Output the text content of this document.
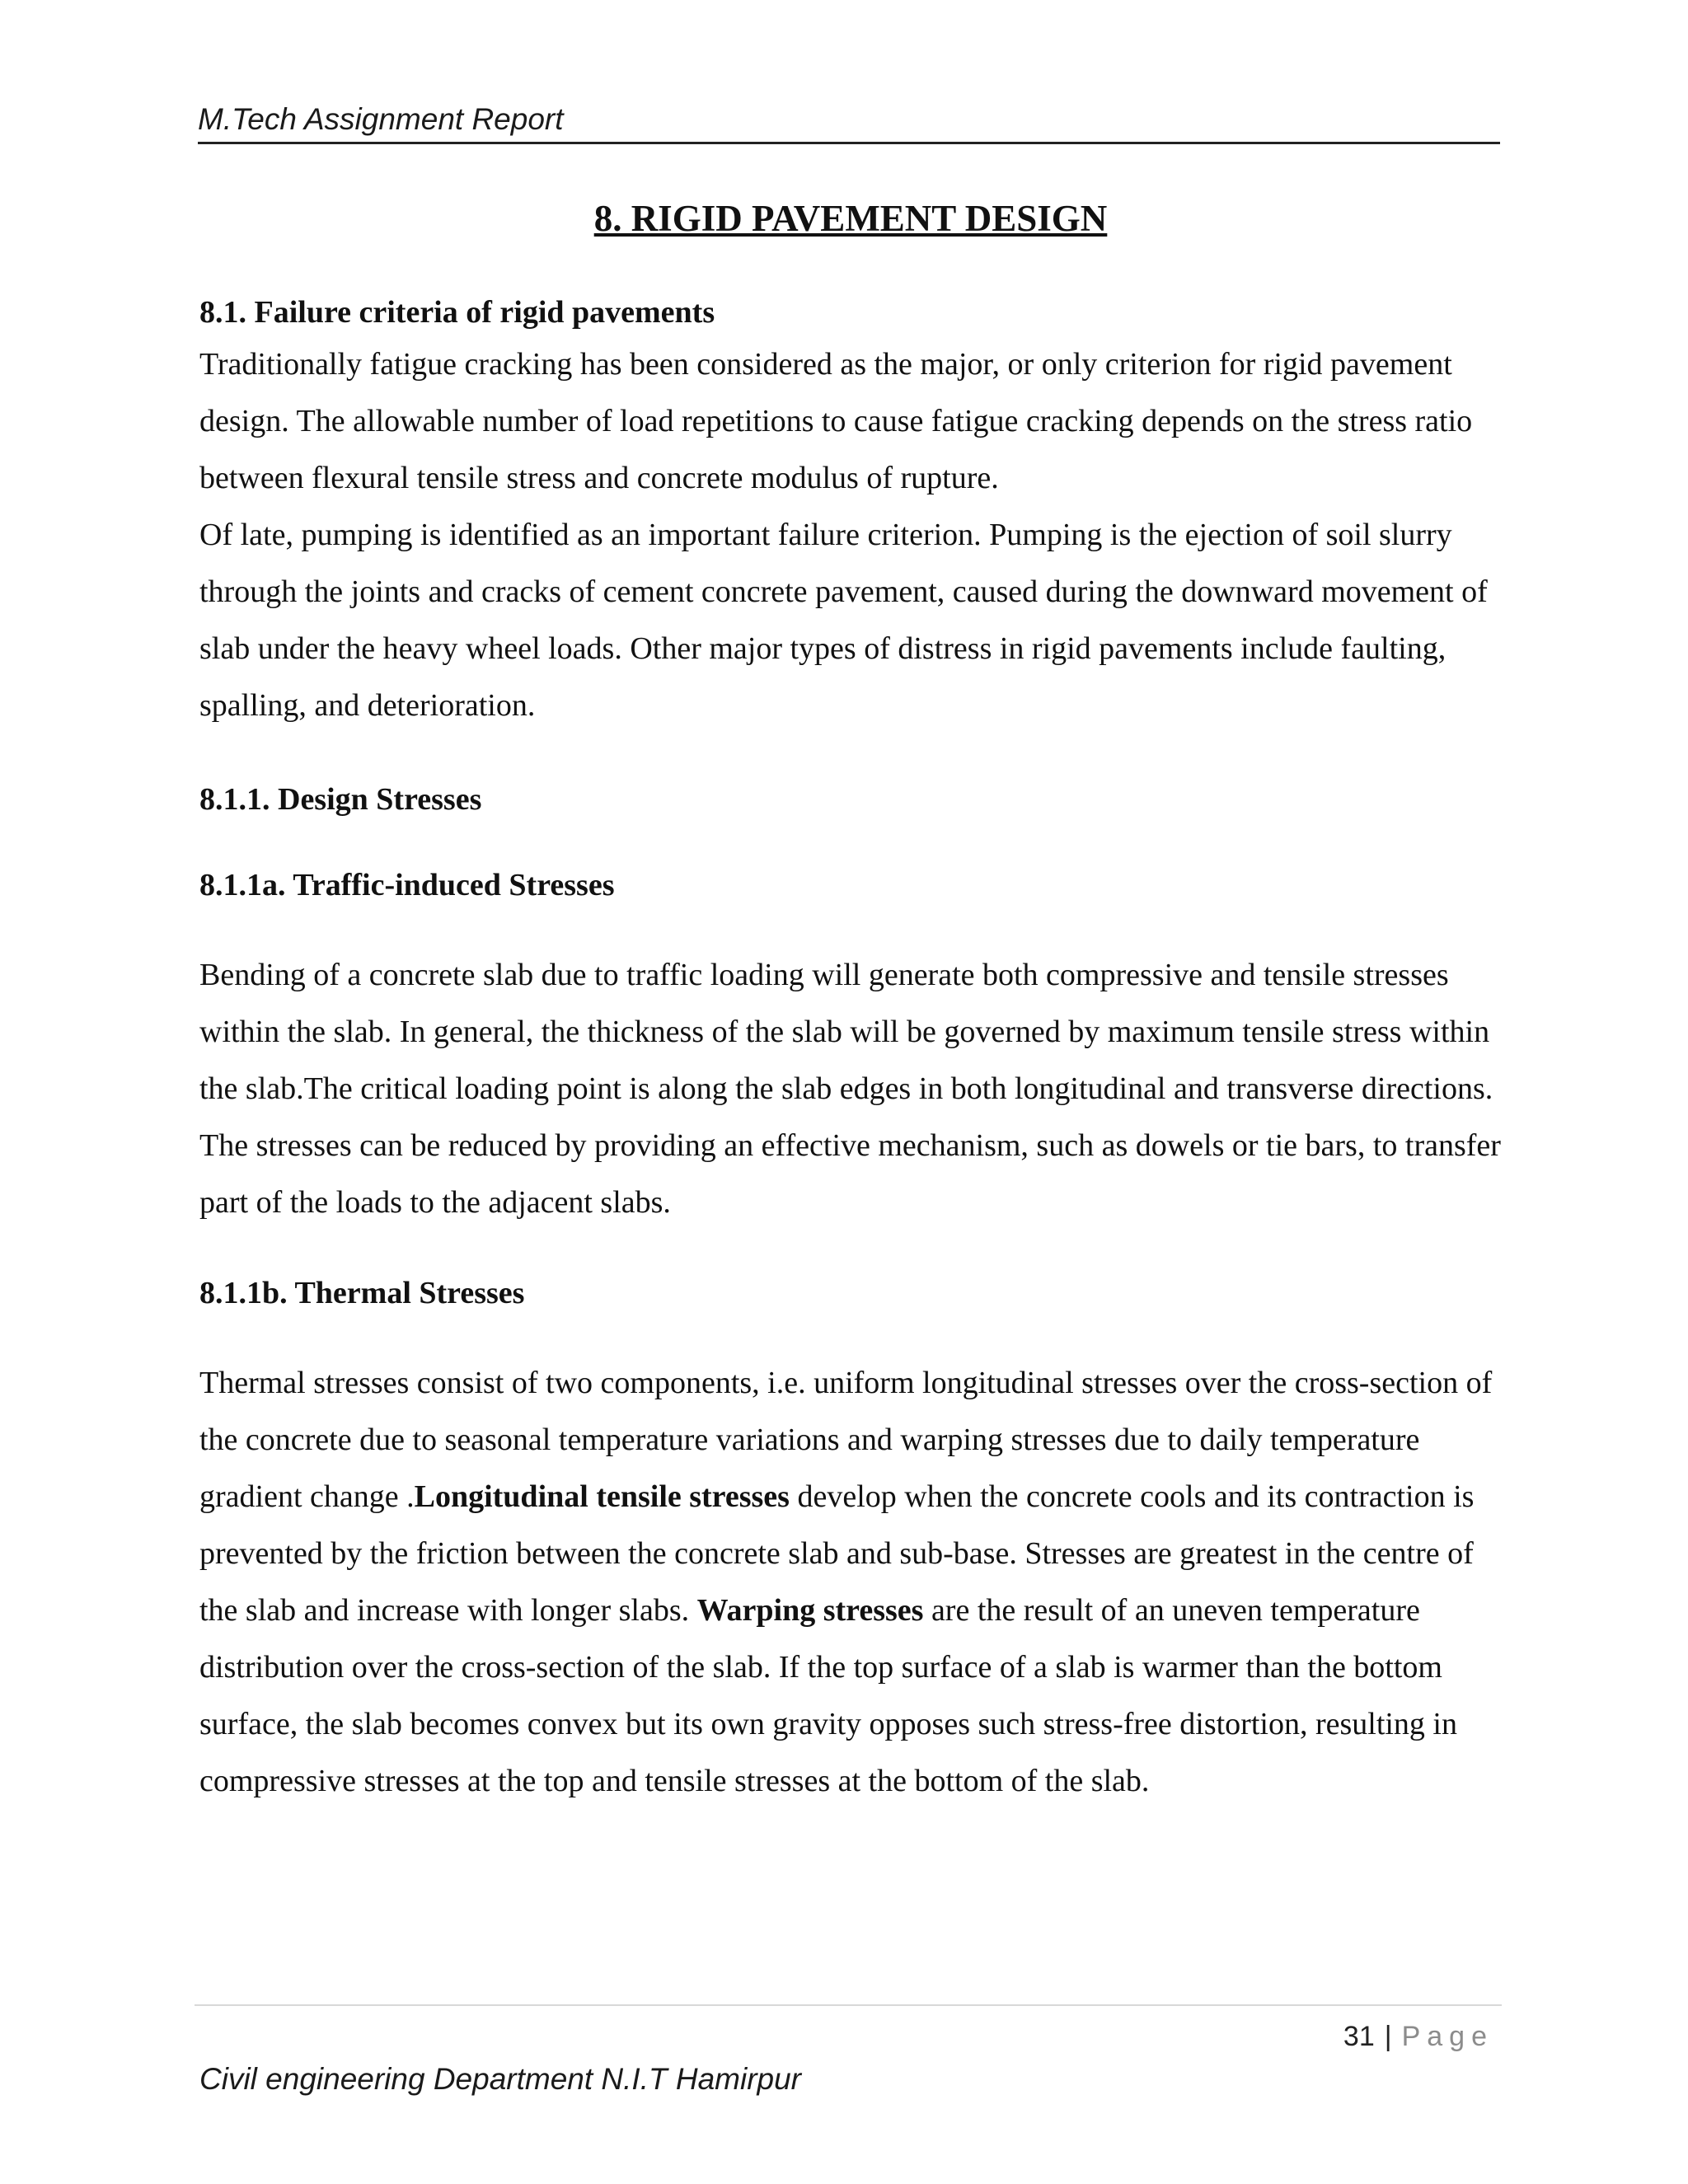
M.Tech Assignment Report
8. RIGID PAVEMENT DESIGN
8.1. Failure criteria of rigid pavements

Traditionally fatigue cracking has been considered as the major, or only criterion for rigid pavement design. The allowable number of load repetitions to cause fatigue cracking depends on the stress ratio between flexural tensile stress and concrete modulus of rupture.

Of late, pumping is identified as an important failure criterion. Pumping is the ejection of soil slurry through the joints and cracks of cement concrete pavement, caused during the downward movement of slab under the heavy wheel loads. Other major types of distress in rigid pavements include faulting, spalling, and deterioration.

8.1.1. Design Stresses
8.1.1a. Traffic-induced Stresses

Bending of a concrete slab due to traffic loading will generate both compressive and tensile stresses within the slab. In general, the thickness of the slab will be governed by maximum tensile stress within the slab.The critical loading point is along the slab edges in both longitudinal and transverse directions. The stresses can be reduced by providing an effective mechanism, such as dowels or tie bars, to transfer part of the loads to the adjacent slabs.

8.1.1b. Thermal Stresses

Thermal stresses consist of two components, i.e. uniform longitudinal stresses over the cross-section of the concrete due to seasonal temperature variations and warping stresses due to daily temperature gradient change .Longitudinal tensile stresses develop when the concrete cools and its contraction is prevented by the friction between the concrete slab and sub-base. Stresses are greatest in the centre of the slab and increase with longer slabs. Warping stresses are the result of an uneven temperature distribution over the cross-section of the slab. If the top surface of a slab is warmer than the bottom surface, the slab becomes convex but its own gravity opposes such stress-free distortion, resulting in compressive stresses at the top and tensile stresses at the bottom of the slab.

31 | Page
Civil engineering Department N.I.T Hamirpur
